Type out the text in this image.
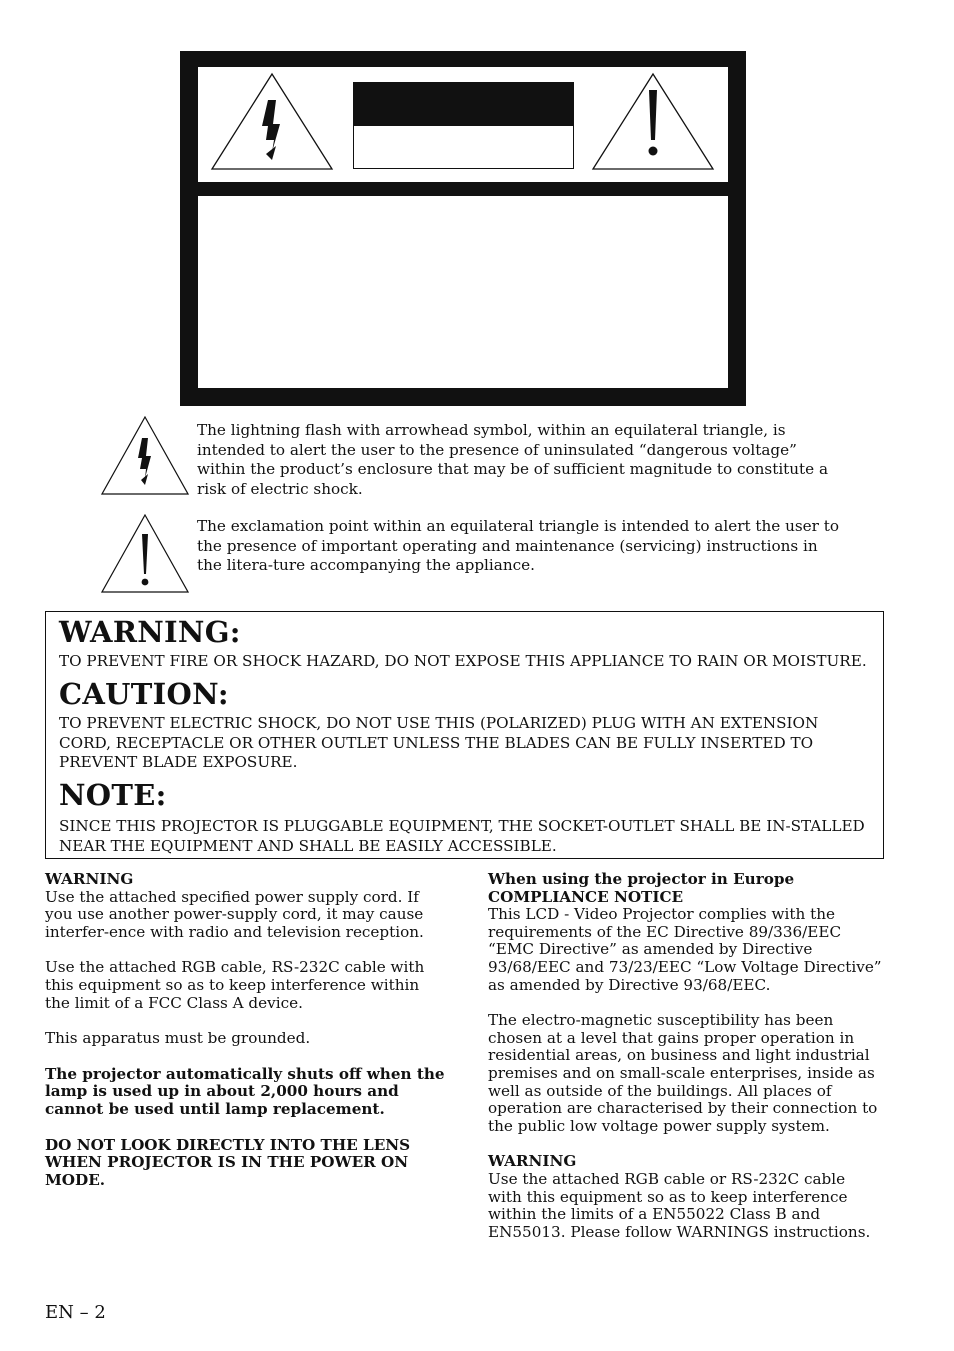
The lightning flash with arrowhead symbol, within an equilateral triangle, is intended to alert the user to the presence of uninsulated “dangerous voltage” within the product’s enclosure that may be of sufficient magnitude to constitute a risk of electric shock.
The exclamation point within an equilateral triangle is intended to alert the user to the presence of important operating and maintenance (servicing) instructions in the litera-ture accompanying the appliance.
WARNING:
TO PREVENT FIRE OR SHOCK HAZARD, DO NOT EXPOSE THIS APPLIANCE TO RAIN OR MOISTURE.
CAUTION:
TO PREVENT ELECTRIC SHOCK, DO NOT USE THIS (POLARIZED) PLUG WITH AN EXTENSION CORD, RECEPTACLE OR OTHER OUTLET UNLESS THE BLADES CAN BE FULLY INSERTED TO PREVENT BLADE EXPOSURE.
NOTE:
SINCE THIS PROJECTOR IS PLUGGABLE EQUIPMENT, THE SOCKET-OUTLET SHALL BE IN-STALLED NEAR THE EQUIPMENT AND SHALL BE EASILY ACCESSIBLE.

WARNING

Use the attached specified power supply cord. If you use another power-supply cord, it may cause interfer-ence with radio and television reception.

Use the attached RGB cable, RS-232C cable with this equipment so as to keep interference within the limit of a FCC Class A device.

This apparatus must be grounded.

The projector automatically shuts off when the lamp is used up in about 2,000 hours and cannot be used until lamp replacement.

DO NOT LOOK DIRECTLY INTO THE LENS WHEN PROJECTOR IS IN THE POWER ON MODE.

When using the projector in Europe

COMPLIANCE NOTICE

This LCD - Video Projector complies with the requirements of the EC Directive 89/336/EEC “EMC Directive” as amended by Directive 93/68/EEC and 73/23/EEC “Low Voltage Directive” as amended by Directive 93/68/EEC.

The electro-magnetic susceptibility has been chosen at a level that gains proper operation in residential areas, on business and light industrial premises and on small-scale enterprises, inside as well as outside of the buildings. All places of operation are characterised by their connection to the public low voltage power supply system.

WARNING

Use the attached RGB cable or RS-232C cable with this equipment so as to keep interference within the limits of a EN55022 Class B and EN55013. Please follow WARNINGS instructions.

EN – 2
